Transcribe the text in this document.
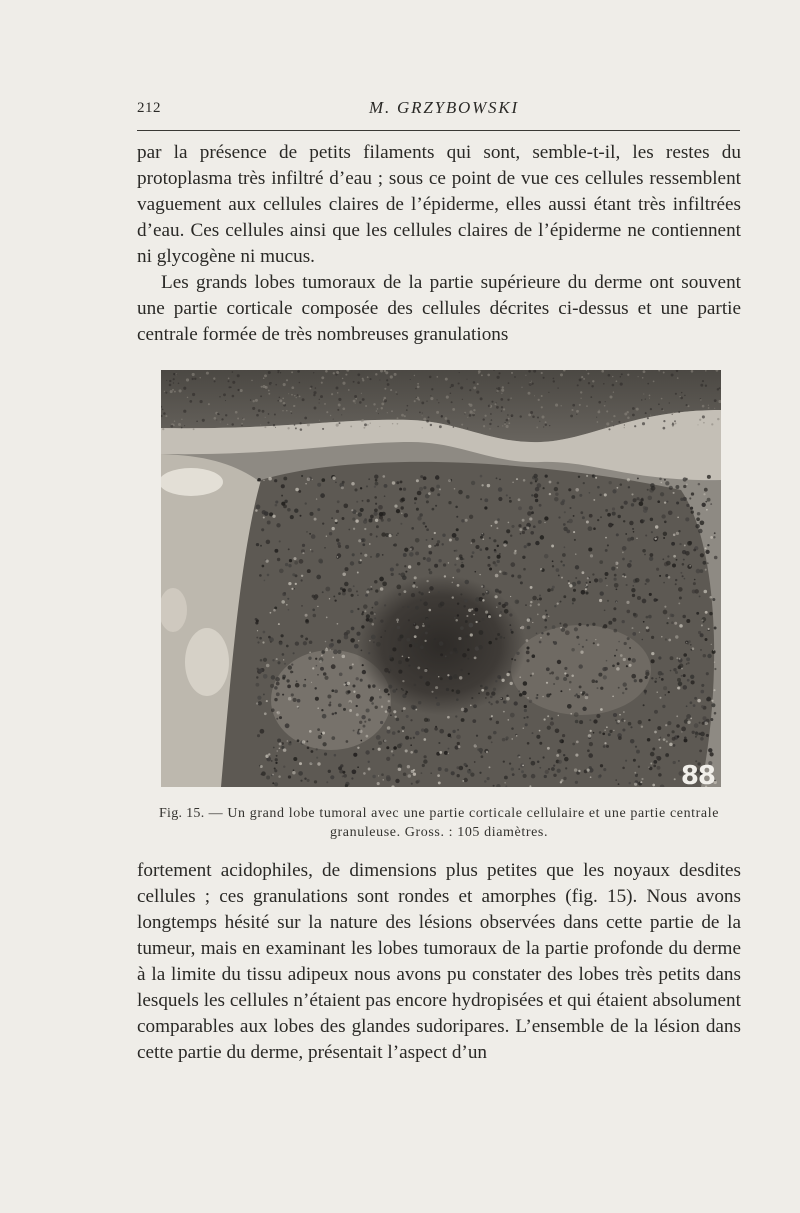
212	M. GRZYBOWSKI

par la présence de petits filaments qui sont, semble-t-il, les restes du protoplasma très infiltré d’eau ; sous ce point de vue ces cellules ressemblent vaguement aux cellules claires de l’épiderme, elles aussi étant très infiltrées d’eau. Ces cellules ainsi que les cellules claires de l’épiderme ne contiennent ni glycogène ni mucus.

Les grands lobes tumoraux de la partie supérieure du derme ont souvent une partie corticale composée des cellules décrites ci-dessus et une partie centrale formée de très nombreuses granulations

88
Fig. 15. — Un grand lobe tumoral avec une partie corticale cellulaire et une partie centrale granuleuse. Gross. : 105 diamètres.

fortement acidophiles, de dimensions plus petites que les noyaux desdites cellules ; ces granulations sont rondes et amorphes (fig. 15). Nous avons longtemps hésité sur la nature des lésions observées dans cette partie de la tumeur, mais en examinant les lobes tumoraux de la partie profonde du derme à la limite du tissu adipeux nous avons pu constater des lobes très petits dans lesquels les cellules n’étaient pas encore hydropisées et qui étaient absolument comparables aux lobes des glandes sudoripares. L’ensemble de la lésion dans cette partie du derme, présentait l’aspect d’un
